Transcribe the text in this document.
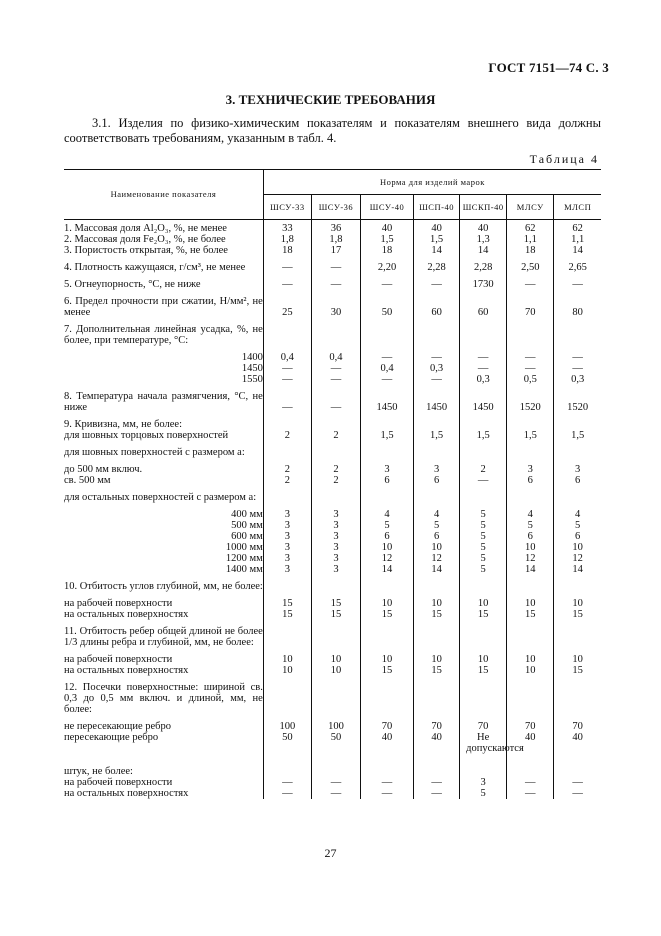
ГОСТ 7151—74 С. 3
3. ТЕХНИЧЕСКИЕ ТРЕБОВАНИЯ
3.1. Изделия по физико-химическим показателям и показателям внешнего вида должны соответствовать требованиям, указанным в табл. 4.
Таблица 4
Наименование показателя	Норма для изделий марок						
	ШСУ-33	ШСУ-36	ШСУ-40	ШСП-40	ШСКП-40	МЛСУ	МЛСП

1. Массовая доля Al₂O₃, %, не менее	33	36	40	40	40	62	62
2. Массовая доля Fe₂O₃, %, не более	1,8	1,8	1,5	1,5	1,3	1,1	1,1
3. Пористость открытая, %, не более	18	17	18	14	14	18	14

4. Плотность кажущаяся, г/см³, не менее	—	—	2,20	2,28	2,28	2,50	2,65

5. Огнеупорность, °С, не ниже	—	—	—	—	1730	—	—

6. Предел прочности при сжатии, Н/мм², не менее	25	30	50	60	60	70	80

7. Дополнительная линейная усадка, %, не более, при температуре, °С:							

1400	0,4	0,4	—	—	—	—	—
1450	—	—	0,4	0,3	—	—	—
1550	—	—	—	—	0,3	0,5	0,3

8. Температура начала размягчения, °С, не ниже	—	—	1450	1450	1450	1520	1520

9. Кривизна, мм, не более:							
для шовных торцовых поверхностей	2	2	1,5	1,5	1,5	1,5	1,5

для шовных поверхностей с размером a:							

до 500 мм включ.	2	2	3	3	2	3	3
св. 500 мм	2	2	6	6	—	6	6

для остальных поверхностей с размером a:							

400 мм	3	3	4	4	5	4	4
500 мм	3	3	5	5	5	5	5
600 мм	3	3	6	6	5	6	6
1000 мм	3	3	10	10	5	10	10
1200 мм	3	3	12	12	5	12	12
1400 мм	3	3	14	14	5	14	14

10. Отбитость углов глубиной, мм, не более:							

на рабочей поверхности	15	15	10	10	10	10	10
на остальных поверхностях	15	15	15	15	15	15	15

11. Отбитость ребер общей длиной не более 1/3 длины ребра и глубиной, мм, не более:							

на рабочей поверхности	10	10	10	10	10	10	10
на остальных поверхностях	10	10	15	15	15	10	15

12. Посечки поверхностные: шириной св. 0,3 до 0,5 мм включ. и длиной, мм, не более:							

не пересекающие ребро	100	100	70	70	70	70	70
пересекающие ребро	50	50	40	40	Не допускаются	40	40

штук, не более:							
на рабочей поверхности	—	—	—	—	3	—	—
на остальных поверхностях	—	—	—	—	5	—	—
27
